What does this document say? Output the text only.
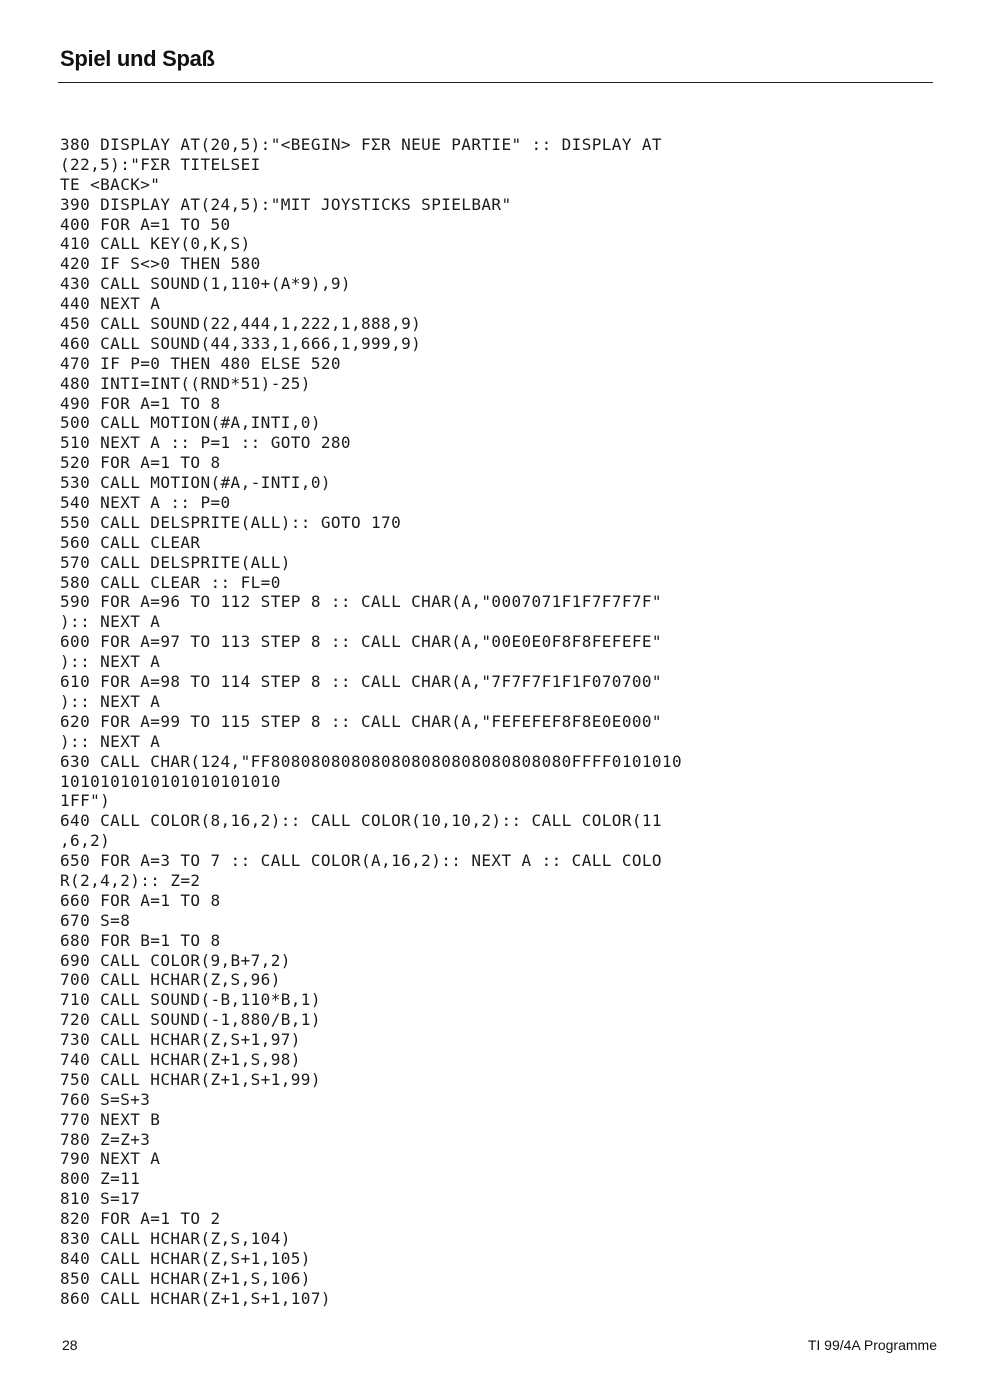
Spiel und Spaß
380 DISPLAY AT(20,5):"<BEGIN> FΣR NEUE PARTIE" :: DISPLAY AT
(22,5):"FΣR TITELSEI
TE <BACK>"
390 DISPLAY AT(24,5):"MIT JOYSTICKS SPIELBAR"
400 FOR A=1 TO 50
410 CALL KEY(0,K,S)
420 IF S<>0 THEN 580
430 CALL SOUND(1,110+(A*9),9)
440 NEXT A
450 CALL SOUND(22,444,1,222,1,888,9)
460 CALL SOUND(44,333,1,666,1,999,9)
470 IF P=0 THEN 480 ELSE 520
480 INTI=INT((RND*51)-25)
490 FOR A=1 TO 8
500 CALL MOTION(#A,INTI,0)
510 NEXT A :: P=1 :: GOTO 280
520 FOR A=1 TO 8
530 CALL MOTION(#A,-INTI,0)
540 NEXT A :: P=0
550 CALL DELSPRITE(ALL):: GOTO 170
560 CALL CLEAR
570 CALL DELSPRITE(ALL)
580 CALL CLEAR :: FL=0
590 FOR A=96 TO 112 STEP 8 :: CALL CHAR(A,"0007071F1F7F7F7F"
):: NEXT A
600 FOR A=97 TO 113 STEP 8 :: CALL CHAR(A,"00E0E0F8F8FEFEFE"
):: NEXT A
610 FOR A=98 TO 114 STEP 8 :: CALL CHAR(A,"7F7F7F1F1F070700"
):: NEXT A
620 FOR A=99 TO 115 STEP 8 :: CALL CHAR(A,"FEFEFEF8F8E0E000"
):: NEXT A
630 CALL CHAR(124,"FF808080808080808080808080808080FFFF0101010
1010101010101010101010
1FF")
640 CALL COLOR(8,16,2):: CALL COLOR(10,10,2):: CALL COLOR(11
,6,2)
650 FOR A=3 TO 7 :: CALL COLOR(A,16,2):: NEXT A :: CALL COLO
R(2,4,2):: Z=2
660 FOR A=1 TO 8
670 S=8
680 FOR B=1 TO 8
690 CALL COLOR(9,B+7,2)
700 CALL HCHAR(Z,S,96)
710 CALL SOUND(-B,110*B,1)
720 CALL SOUND(-1,880/B,1)
730 CALL HCHAR(Z,S+1,97)
740 CALL HCHAR(Z+1,S,98)
750 CALL HCHAR(Z+1,S+1,99)
760 S=S+3
770 NEXT B
780 Z=Z+3
790 NEXT A
800 Z=11
810 S=17
820 FOR A=1 TO 2
830 CALL HCHAR(Z,S,104)
840 CALL HCHAR(Z,S+1,105)
850 CALL HCHAR(Z+1,S,106)
860 CALL HCHAR(Z+1,S+1,107)
28	TI 99/4A Programme
